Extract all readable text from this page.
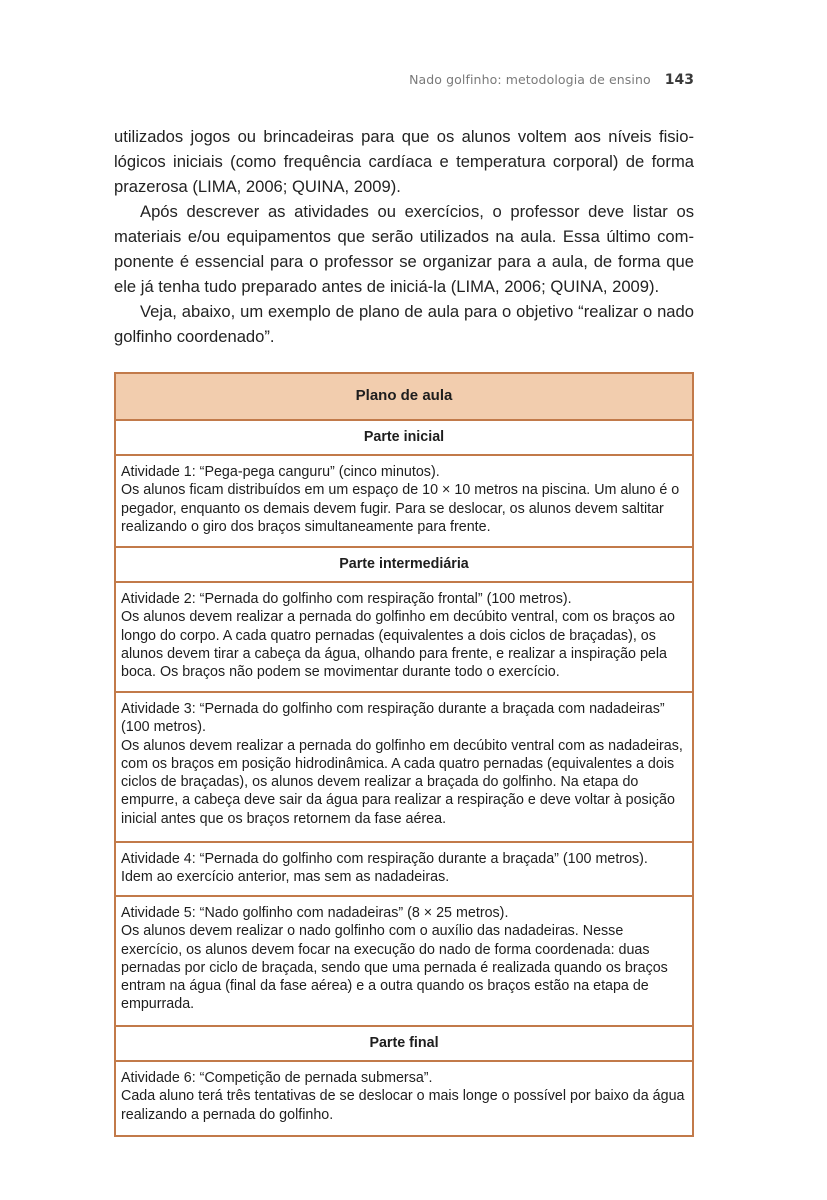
Nado golfinho: metodologia de ensino 143

utilizados jogos ou brincadeiras para que os alunos voltem aos níveis fisiológicos iniciais (como frequência cardíaca e temperatura corporal) de forma prazerosa (LIMA, 2006; QUINA, 2009).

Após descrever as atividades ou exercícios, o professor deve listar os materiais e/ou equipamentos que serão utilizados na aula. Essa último componente é essencial para o professor se organizar para a aula, de forma que ele já tenha tudo preparado antes de iniciá-la (LIMA, 2006; QUINA, 2009).

Veja, abaixo, um exemplo de plano de aula para o objetivo “realizar o nado golfinho coordenado”.

Plano de aula
Parte inicial

Atividade 1: “Pega-pega canguru” (cinco minutos).
Os alunos ficam distribuídos em um espaço de 10 × 10 metros na piscina. Um aluno é o pegador, enquanto os demais devem fugir. Para se deslocar, os alunos devem saltitar realizando o giro dos braços simultaneamente para frente.

Parte intermediária

Atividade 2: “Pernada do golfinho com respiração frontal” (100 metros).
Os alunos devem realizar a pernada do golfinho em decúbito ventral, com os braços ao longo do corpo. A cada quatro pernadas (equivalentes a dois ciclos de braçadas), os alunos devem tirar a cabeça da água, olhando para frente, e realizar a inspiração pela boca. Os braços não podem se movimentar durante todo o exercício.

Atividade 3: “Pernada do golfinho com respiração durante a braçada com nadadeiras” (100 metros).
Os alunos devem realizar a pernada do golfinho em decúbito ventral com as nadadeiras, com os braços em posição hidrodinâmica. A cada quatro pernadas (equivalentes a dois ciclos de braçadas), os alunos devem realizar a braçada do golfinho. Na etapa do empurre, a cabeça deve sair da água para realizar a respiração e deve voltar à posição inicial antes que os braços retornem da fase aérea.

Atividade 4: “Pernada do golfinho com respiração durante a braçada” (100 metros).
Idem ao exercício anterior, mas sem as nadadeiras.

Atividade 5: “Nado golfinho com nadadeiras” (8 × 25 metros).
Os alunos devem realizar o nado golfinho com o auxílio das nadadeiras. Nesse exercício, os alunos devem focar na execução do nado de forma coordenada: duas pernadas por ciclo de braçada, sendo que uma pernada é realizada quando os braços entram na água (final da fase aérea) e a outra quando os braços estão na etapa de empurrada.

Parte final

Atividade 6: “Competição de pernada submersa”.
Cada aluno terá três tentativas de se deslocar o mais longe o possível por baixo da água realizando a pernada do golfinho.
